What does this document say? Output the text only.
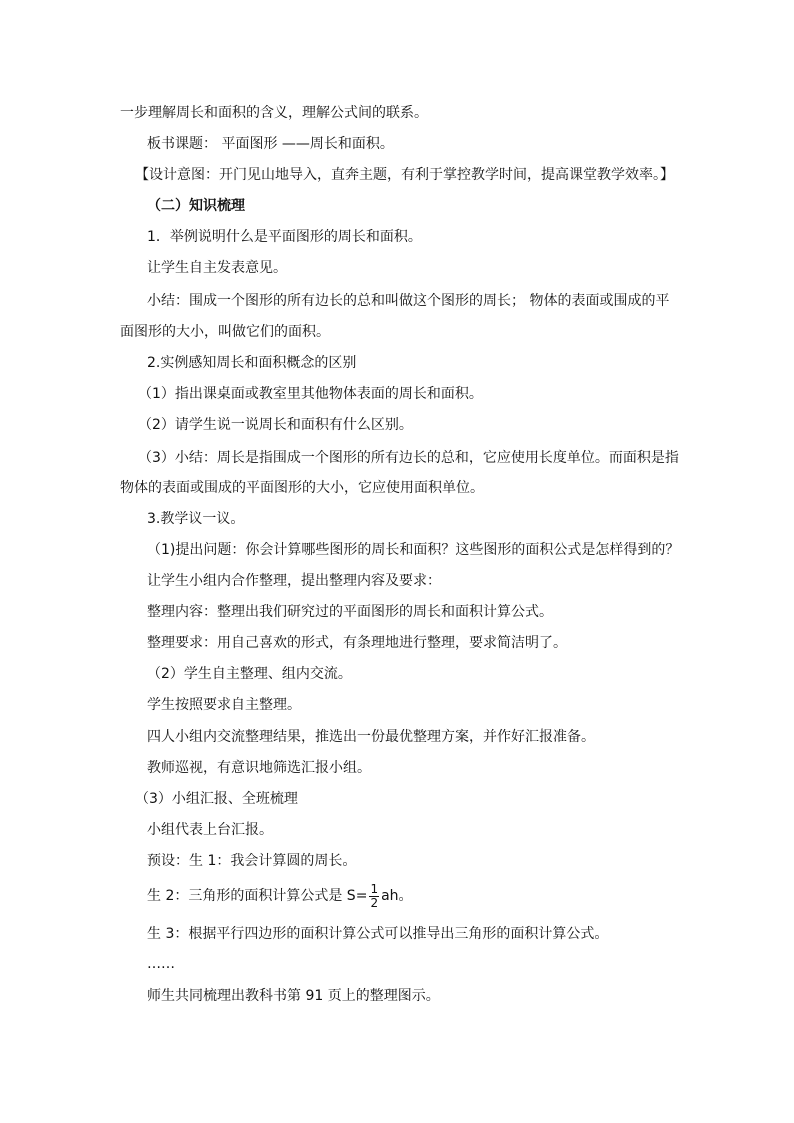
一步理解周长和面积的含义，理解公式间的联系。
板书课题： 平面图形 ——周长和面积。
【设计意图：开门见山地导入，直奔主题，有利于掌控教学时间，提高课堂教学效率。】
（二）知识梳理
1．举例说明什么是平面图形的周长和面积。
让学生自主发表意见。
小结：围成一个图形的所有边长的总和叫做这个图形的周长； 物体的表面或围成的平
面图形的大小，叫做它们的面积。
2.实例感知周长和面积概念的区别
（1）指出课桌面或教室里其他物体表面的周长和面积。
（2）请学生说一说周长和面积有什么区别。
（3）小结：周长是指围成一个图形的所有边长的总和，它应使用长度单位。而面积是指
物体的表面或围成的平面图形的大小，它应使用面积单位。
3.教学议一议。
（1)提出问题：你会计算哪些图形的周长和面积？这些图形的面积公式是怎样得到的？
让学生小组内合作整理，提出整理内容及要求：
整理内容：整理出我们研究过的平面图形的周长和面积计算公式。
整理要求：用自己喜欢的形式，有条理地进行整理，要求简洁明了。
（2）学生自主整理、组内交流。
学生按照要求自主整理。
四人小组内交流整理结果，推选出一份最优整理方案，并作好汇报准备。
教师巡视，有意识地筛选汇报小组。
（3）小组汇报、全班梳理
小组代表上台汇报。
预设：生 1：我会计算圆的周长。
生 2：三角形的面积计算公式是 $S= \frac{1}{2}$ ah。
生 3：根据平行四边形的面积计算公式可以推导出三角形的面积计算公式。
……
师生共同梳理出教科书第 91 页上的整理图示。
